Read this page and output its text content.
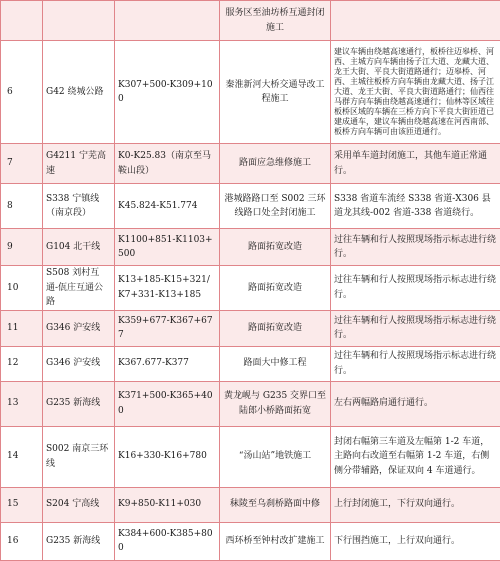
			服务区至油坊桥互通封闭施工	
6	G42 绕城公路	K307+500-K309+100	秦淮新河大桥交通导改工程施工	建议车辆由绕越高速通行，板桥往迈皋桥、河西、主城方向车辆由扬子江大道、龙藏大道、龙王大街、平良大街道路通行；迈皋桥、河西、主城往板桥方向车辆由龙藏大道、扬子江大道、龙王大街、平良大街道路通行；仙西往马群方向车辆由绕越高速通行；仙林等区域往板桥区域的车辆在三桥方向下平良大街匝道已建成通车，建议车辆由绕越高速在河西南部、板桥方向车辆可由该匝道通行。
7	G4211 宁芜高速	K0-K25.83（南京至马鞍山段）	路面应急维修施工	采用单车道封闭施工，其他车道正常通行。
8	S338 宁镇线（南京段）	K45.824-K51.774	港城路路口至 S002 三环线路口处全封闭施工	S338 省道车流经 S338 省道-X306 县道龙其线-002 省道-338 省道绕行。
9	G104 北干线	K1100+851-K1103+500	路面拓宽改造	过往车辆和行人按照现场指示标志进行绕行。
10	S508 刘村互通-佤庄互通公路	K13+185-K15+321/K7+331-K13+185	路面拓宽改造	过往车辆和行人按照现场指示标志进行绕行。
11	G346 沪安线	K359+677-K367+677	路面拓宽改造	过往车辆和行人按照现场指示标志进行绕行。
12	G346 沪安线	K367.677-K377	路面大中修工程	过往车辆和行人按照现场指示标志进行绕行。
13	G235 新海线	K371+500-K365+400	黄龙岘与 G235 交界口至陆郎小桥路面拓宽	左右两幅路肩通行通行。
14	S002 南京三环线	K16+330-K16+780	“汤山站”地铁施工	封闭右幅第三车道及左幅第 1-2 车道，主路向右改道至右幅第 1-2 车道，右侧侧分带辅路，保证双向 4 车道通行。
15	S204 宁高线	K9+850-K11+030	秣陵至乌刹桥路面中修	上行封闭施工，下行双向通行。
16	G235 新海线	K384+600-K385+800	西环桥至钟村改扩建施工	下行围挡施工，上行双向通行。
